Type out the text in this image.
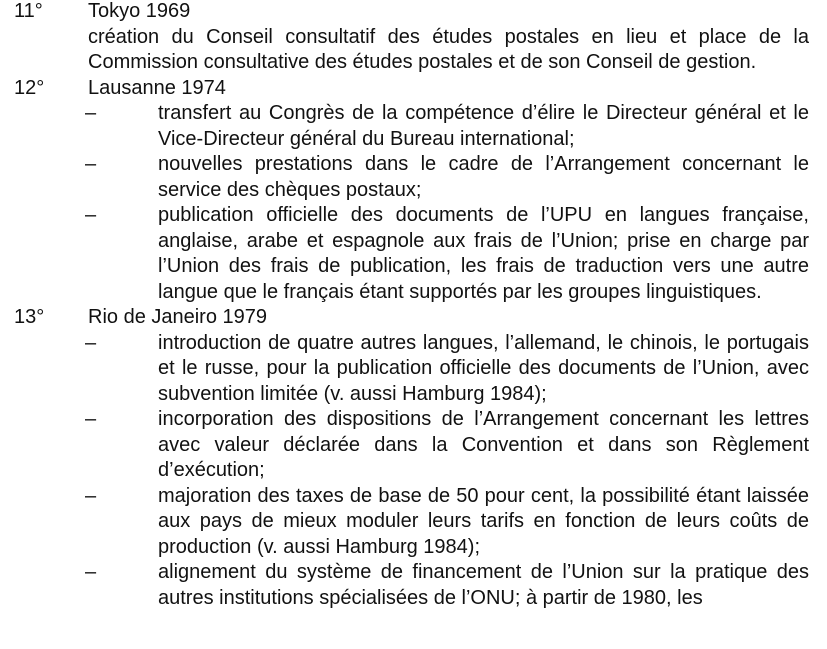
11°	Tokyo 1969
création du Conseil consultatif des études postales en lieu et place de la Commission consultative des études postales et de son Conseil de gestion.
12°	Lausanne 1974
–	transfert au Congrès de la compétence d’élire le Directeur général et le Vice-Directeur général du Bureau international;
–	nouvelles prestations dans le cadre de l’Arrangement concernant le service des chèques postaux;
–	publication officielle des documents de l’UPU en langues française, anglaise, arabe et espagnole aux frais de l’Union; prise en charge par l’Union des frais de publication, les frais de traduction vers une autre langue que le français étant supportés par les groupes linguistiques.
13°	Rio de Janeiro 1979
–	introduction de quatre autres langues, l’allemand, le chinois, le portugais et le russe, pour la publication officielle des documents de l’Union, avec subvention limitée (v. aussi Hamburg 1984);
–	incorporation des dispositions de l’Arrangement concernant les lettres avec valeur déclarée dans la Convention et dans son Règlement d’exécution;
–	majoration des taxes de base de 50 pour cent, la possibilité étant laissée aux pays de mieux moduler leurs tarifs en fonction de leurs coûts de production (v. aussi Hamburg 1984);
–	alignement du système de financement de l’Union sur la pratique des autres institutions spécialisées de l’ONU; à partir de 1980, les
